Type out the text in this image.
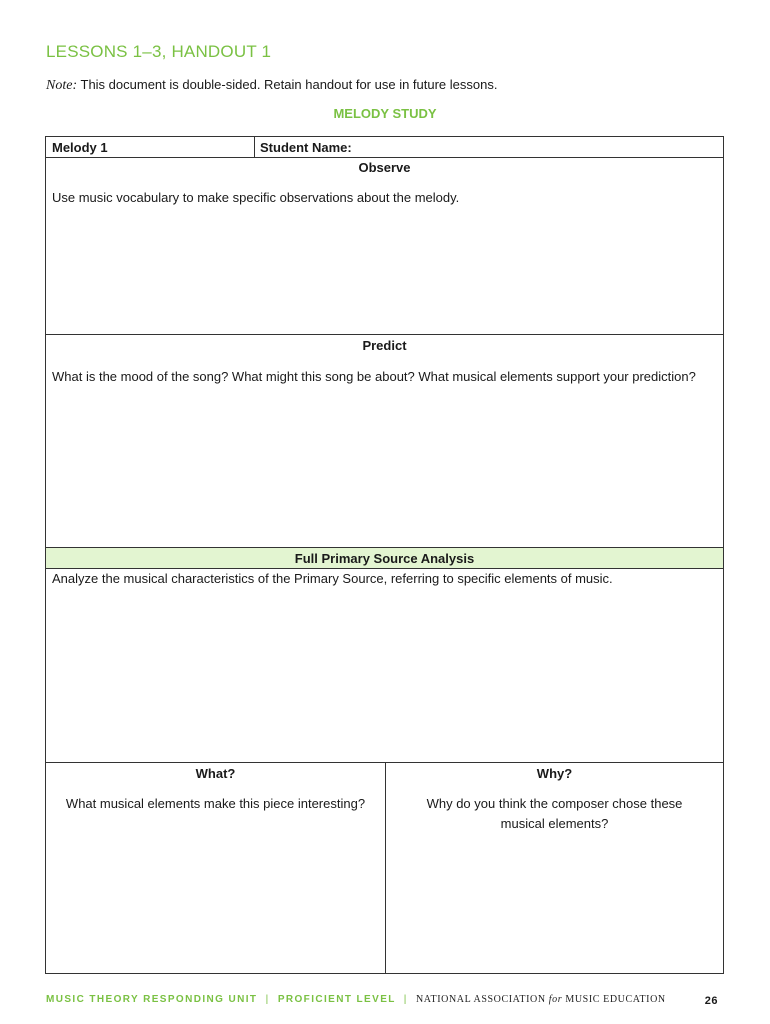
LESSONS 1–3, HANDOUT 1
Note: This document is double-sided. Retain handout for use in future lessons.
MELODY STUDY
Melody 1	Student Name:
Observe
Use music vocabulary to make specific observations about the melody.
Predict
What is the mood of the song? What might this song be about? What musical elements support your prediction?
Full Primary Source Analysis
Analyze the musical characteristics of the Primary Source, referring to specific elements of music.
What?
What musical elements make this piece interesting?
Why?
Why do you think the composer chose these musical elements?
MUSIC THEORY RESPONDING UNIT | PROFICIENT LEVEL | NATIONAL ASSOCIATION for MUSIC EDUCATION	26
